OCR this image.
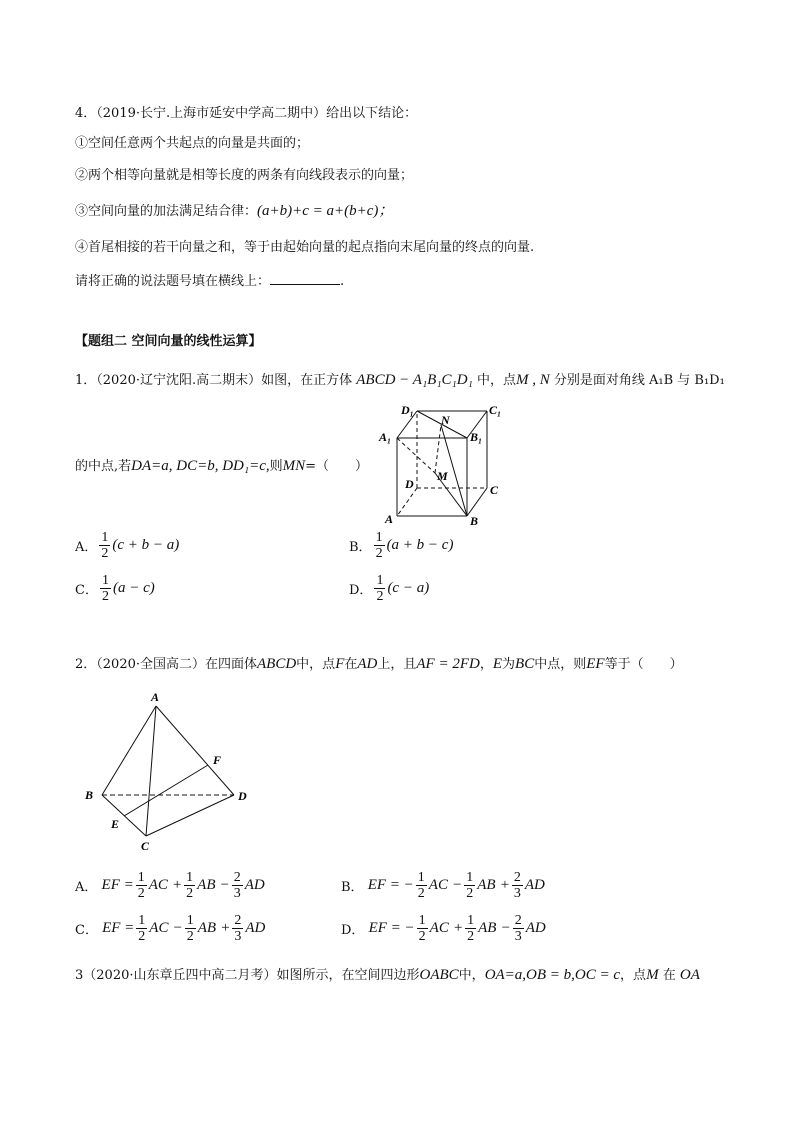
4．（2019·长宁.上海市延安中学高二期中）给出以下结论：
①空间任意两个共起点的向量是共面的；
②两个相等向量就是相等长度的两条有向线段表示的向量；
③空间向量的加法满足结合律：(a+b)+c = a+(b+c)；
④首尾相接的若干向量之和，等于由起始向量的起点指向末尾向量的终点的向量.
请将正确的说法题号填在横线上：	.
【题组二 空间向量的线性运算】
1．（2020·辽宁沈阳.高二期末）如图，在正方体 ABCD − A₁B₁C₁D₁ 中，点M , N 分别是面对角线 A₁B 与 B₁D₁
的中点,若DA=a, DC=b, DD₁=c,则MN=（　　）
D₁	C₁
N
A₁	B₁
M
D	C
A	B
A． $\frac{1}{2} (c + b - a)$	B． $\frac{1}{2} (a + b - c)$
C． $\frac{1}{2} (a - c)$	D． $\frac{1}{2} (c - a)$
2．（2020·全国高二）在四面体ABCD中，点F在AD上，且AF = 2FD，E为BC中点，则EF等于（　　）
A
F
B	D
E
C
A．
EF = $\frac{1}{2}$ AC
+ $\frac{1}{2}$ AB
− $\frac{2}{3}$ AD	B．
EF = − $\frac{1}{2}$ AC
− $\frac{1}{2}$ AB
+ $\frac{2}{3}$ AD
C．
EF = $\frac{1}{2}$ AC
− $\frac{1}{2}$ AB
+ $\frac{2}{3}$ AD	D．
EF = − $\frac{1}{2}$ AC
+ $\frac{1}{2}$ AB
− $\frac{2}{3}$ AD
3（2020·山东章丘四中高二月考）如图所示，在空间四边形OABC中，OA=a,OB = b,OC = c，点M 在 OA
